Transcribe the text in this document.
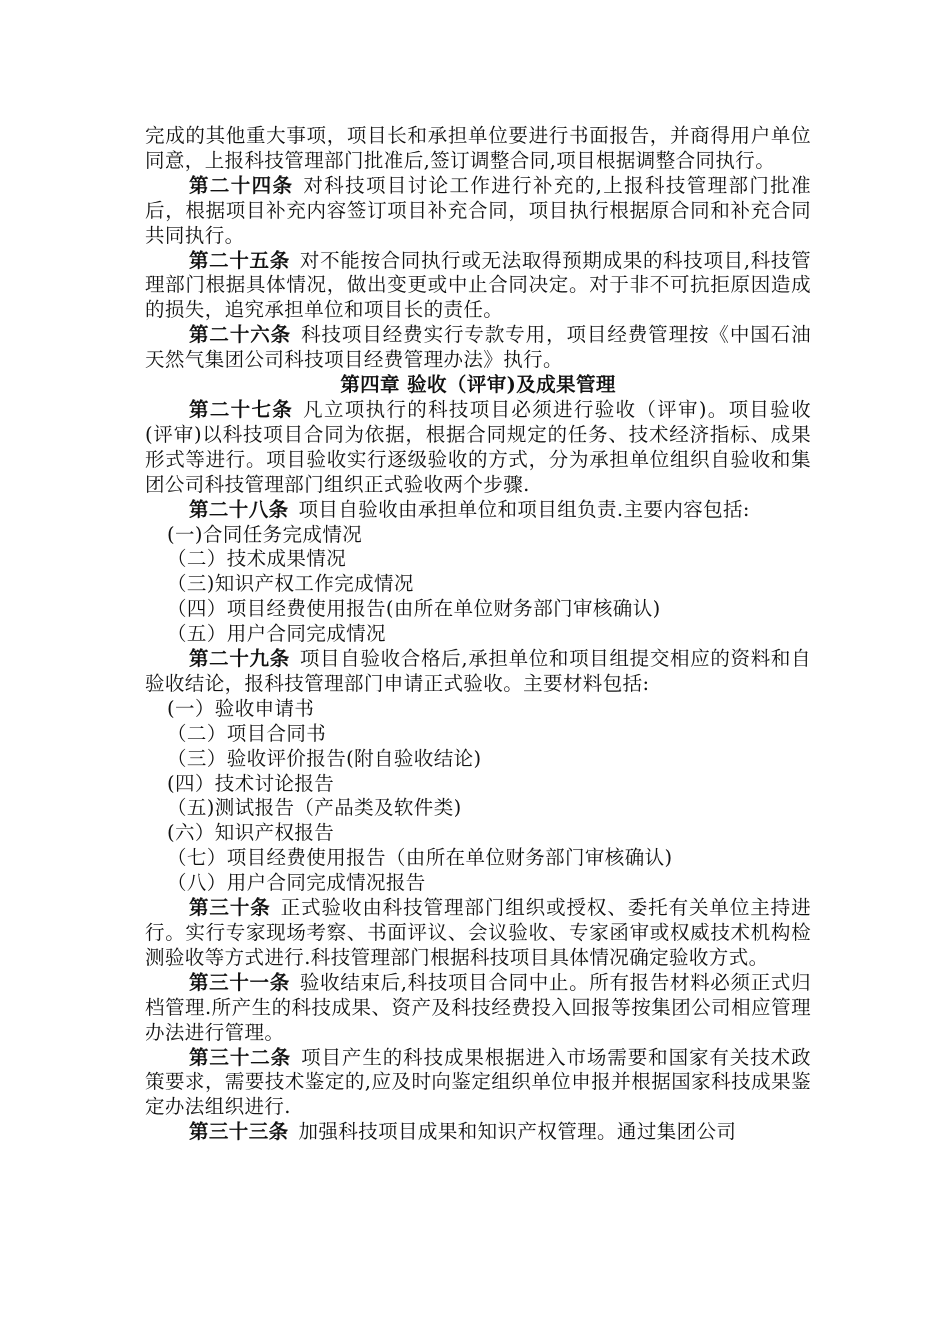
完成的其他重大事项，项目长和承担单位要进行书面报告，并商得用户单位同意，上报科技管理部门批准后,签订调整合同,项目根据调整合同执行。

第二十四条 对科技项目讨论工作进行补充的,上报科技管理部门批准后，根据项目补充内容签订项目补充合同，项目执行根据原合同和补充合同共同执行。

第二十五条 对不能按合同执行或无法取得预期成果的科技项目,科技管理部门根据具体情况，做出变更或中止合同决定。对于非不可抗拒原因造成的损失，追究承担单位和项目长的责任。

第二十六条 科技项目经费实行专款专用，项目经费管理按《中国石油天然气集团公司科技项目经费管理办法》执行。

第四章 验收（评审)及成果管理

第二十七条 凡立项执行的科技项目必须进行验收（评审)。项目验收(评审)以科技项目合同为依据，根据合同规定的任务、技术经济指标、成果形式等进行。项目验收实行逐级验收的方式，分为承担单位组织自验收和集团公司科技管理部门组织正式验收两个步骤.

第二十八条 项目自验收由承担单位和项目组负责.主要内容包括:

(一)合同任务完成情况

（二）技术成果情况

（三)知识产权工作完成情况

（四）项目经费使用报告(由所在单位财务部门审核确认)

（五）用户合同完成情况

第二十九条 项目自验收合格后,承担单位和项目组提交相应的资料和自验收结论，报科技管理部门申请正式验收。主要材料包括:

(一）验收申请书

（二）项目合同书

（三）验收评价报告(附自验收结论)

(四）技术讨论报告

（五)测试报告（产品类及软件类)

(六）知识产权报告

（七）项目经费使用报告（由所在单位财务部门审核确认)

（八）用户合同完成情况报告

第三十条 正式验收由科技管理部门组织或授权、委托有关单位主持进行。实行专家现场考察、书面评议、会议验收、专家函审或权威技术机构检测验收等方式进行.科技管理部门根据科技项目具体情况确定验收方式。

第三十一条 验收结束后,科技项目合同中止。所有报告材料必须正式归档管理.所产生的科技成果、资产及科技经费投入回报等按集团公司相应管理办法进行管理。

第三十二条 项目产生的科技成果根据进入市场需要和国家有关技术政策要求，需要技术鉴定的,应及时向鉴定组织单位申报并根据国家科技成果鉴定办法组织进行.

第三十三条 加强科技项目成果和知识产权管理。通过集团公司
